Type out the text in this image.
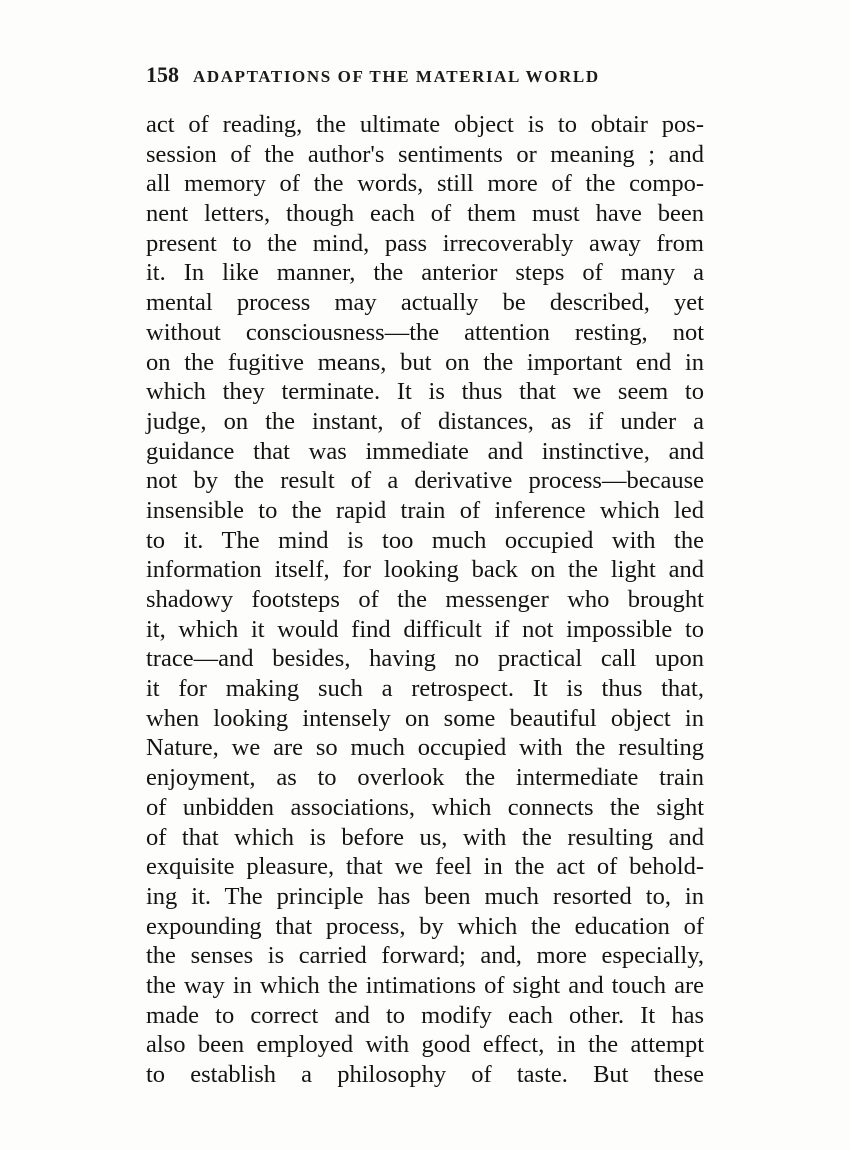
158 ADAPTATIONS OF THE MATERIAL WORLD
act of reading, the ultimate object is to obtair pos-
session of the author's sentiments or meaning ; and
all memory of the words, still more of the compo-
nent letters, though each of them must have been
present to the mind, pass irrecoverably away from
it. In like manner, the anterior steps of many a
mental process may actually be described, yet
without consciousness—the attention resting, not
on the fugitive means, but on the important end in
which they terminate. It is thus that we seem to
judge, on the instant, of distances, as if under a
guidance that was immediate and instinctive, and
not by the result of a derivative process—because
insensible to the rapid train of inference which led
to it. The mind is too much occupied with the
information itself, for looking back on the light and
shadowy footsteps of the messenger who brought
it, which it would find difficult if not impossible to
trace—and besides, having no practical call upon
it for making such a retrospect. It is thus that,
when looking intensely on some beautiful object in
Nature, we are so much occupied with the resulting
enjoyment, as to overlook the intermediate train
of unbidden associations, which connects the sight
of that which is before us, with the resulting and
exquisite pleasure, that we feel in the act of behold-
ing it. The principle has been much resorted to, in
expounding that process, by which the education of
the senses is carried forward; and, more especially,
the way in which the intimations of sight and touch are
made to correct and to modify each other. It has
also been employed with good effect, in the attempt
to establish a philosophy of taste. But these
